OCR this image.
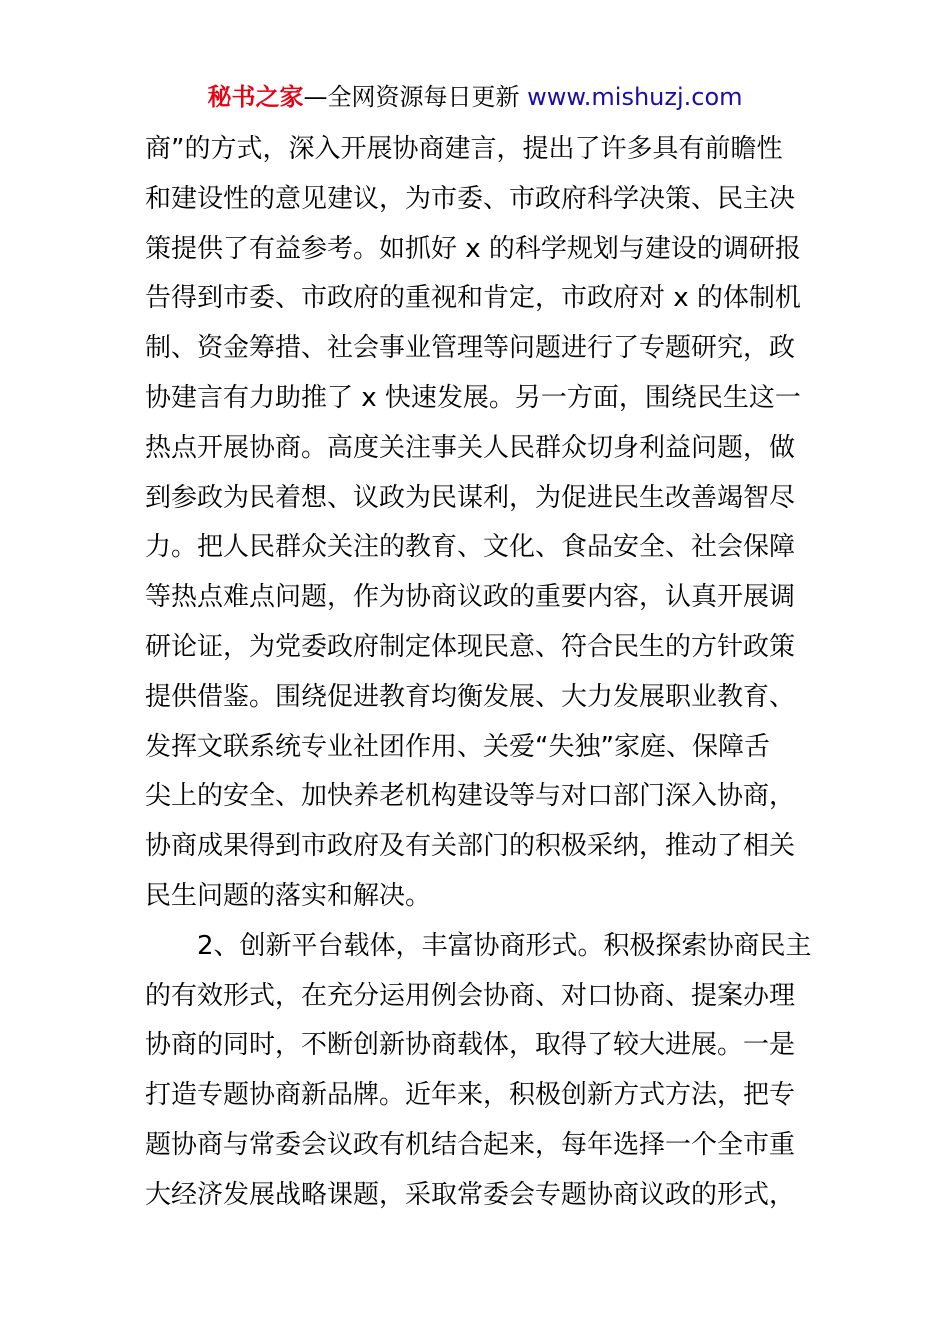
秘书之家—全网资源每日更新 www.mishuzj.com
商”的方式，深入开展协商建言，提出了许多具有前瞻性
和建设性的意见建议，为市委、市政府科学决策、民主决
策提供了有益参考。如抓好 x 的科学规划与建设的调研报
告得到市委、市政府的重视和肯定，市政府对 x 的体制机
制、资金筹措、社会事业管理等问题进行了专题研究，政
协建言有力助推了 x 快速发展。另一方面，围绕民生这一
热点开展协商。高度关注事关人民群众切身利益问题，做
到参政为民着想、议政为民谋利，为促进民生改善竭智尽
力。把人民群众关注的教育、文化、食品安全、社会保障
等热点难点问题，作为协商议政的重要内容，认真开展调
研论证，为党委政府制定体现民意、符合民生的方针政策
提供借鉴。围绕促进教育均衡发展、大力发展职业教育、
发挥文联系统专业社团作用、关爱“失独”家庭、保障舌
尖上的安全、加快养老机构建设等与对口部门深入协商，
协商成果得到市政府及有关部门的积极采纳，推动了相关
民生问题的落实和解决。
　　2、创新平台载体，丰富协商形式。积极探索协商民主
的有效形式，在充分运用例会协商、对口协商、提案办理
协商的同时，不断创新协商载体，取得了较大进展。一是
打造专题协商新品牌。近年来，积极创新方式方法，把专
题协商与常委会议政有机结合起来，每年选择一个全市重
大经济发展战略课题，采取常委会专题协商议政的形式，
